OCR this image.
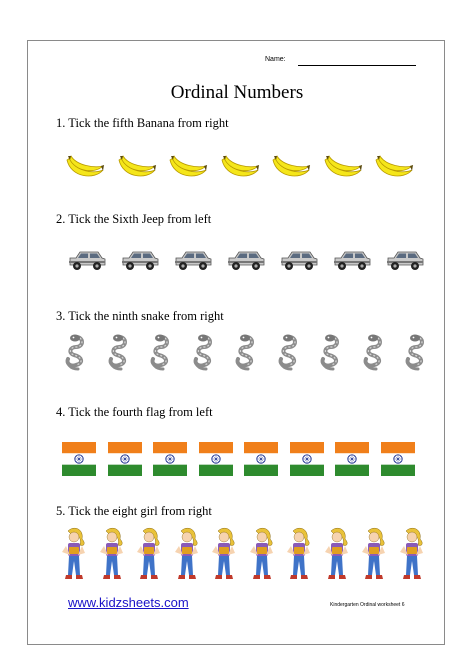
Name:
Ordinal Numbers
1. Tick the fifth Banana from right
2. Tick the Sixth Jeep from left
3. Tick the ninth snake from right
4. Tick the fourth flag from left
5. Tick the eight girl from right
www.kidzsheets.com	Kindergarten Ordinal worksheet 6
